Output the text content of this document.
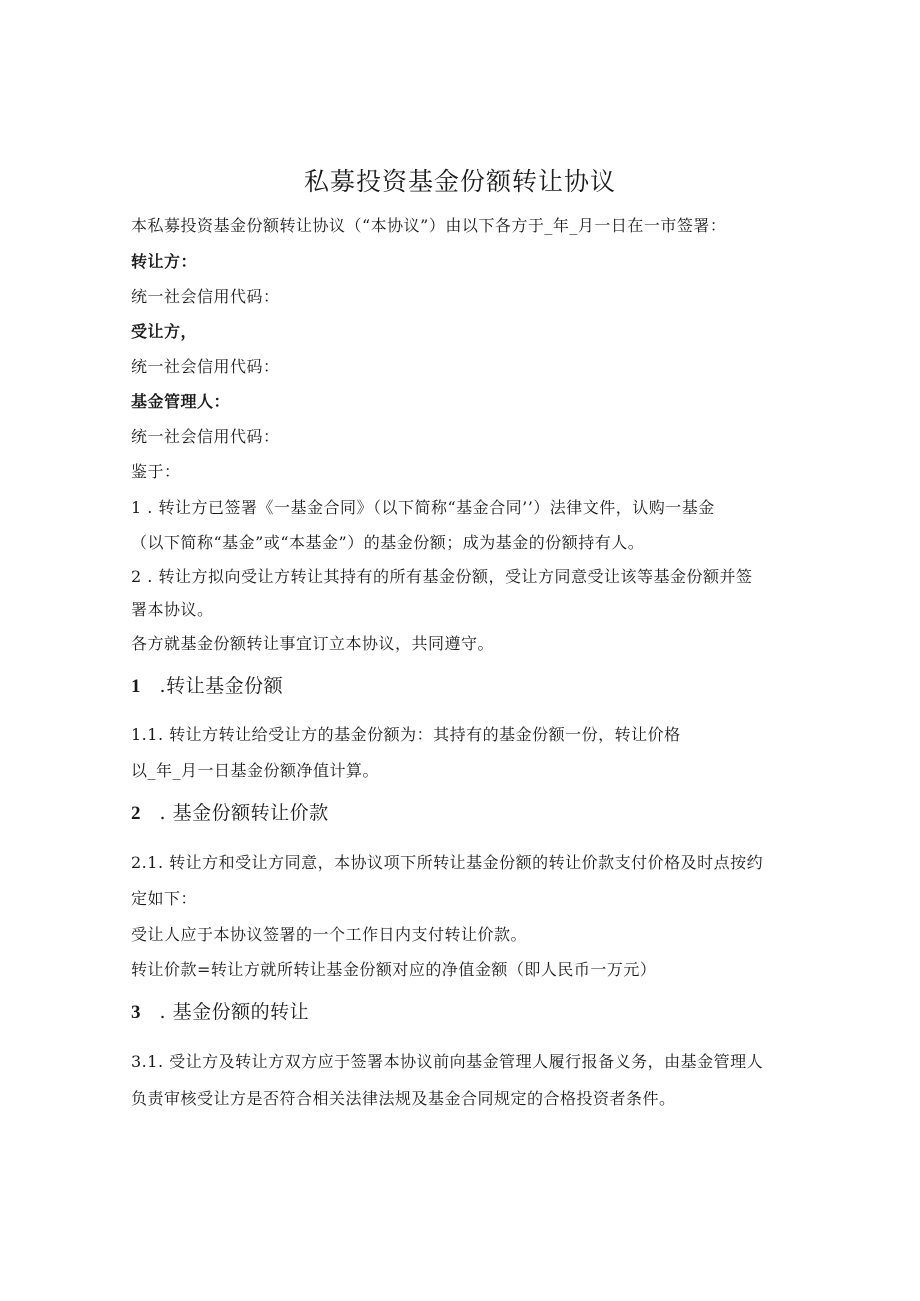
私募投资基金份额转让协议
本私募投资基金份额转让协议（“本协议”）由以下各方于_年_月一日在一市签署：
转让方：
统一社会信用代码：
受让方，
统一社会信用代码：
基金管理人：
统一社会信用代码：
鉴于：
1 . 转让方已签署《一基金合同》（以下简称“基金合同’’）法律文件，认购一基金
（以下简称“基金”或“本基金”）的基金份额；成为基金的份额持有人。
2 . 转让方拟向受让方转让其持有的所有基金份额，受让方同意受让该等基金份额并签
署本协议。
各方就基金份额转让事宜订立本协议，共同遵守。
1 .转让基金份额
1.1. 转让方转让给受让方的基金份额为：其持有的基金份额一份，转让价格
以_年_月一日基金份额净值计算。
2 . 基金份额转让价款
2.1. 转让方和受让方同意，本协议项下所转让基金份额的转让价款支付价格及时点按约
定如下：
受让人应于本协议签署的一个工作日内支付转让价款。
转让价款=转让方就所转让基金份额对应的净值金额（即人民币一万元）
3 . 基金份额的转让
3.1. 受让方及转让方双方应于签署本协议前向基金管理人履行报备义务，由基金管理人
负责审核受让方是否符合相关法律法规及基金合同规定的合格投资者条件。
